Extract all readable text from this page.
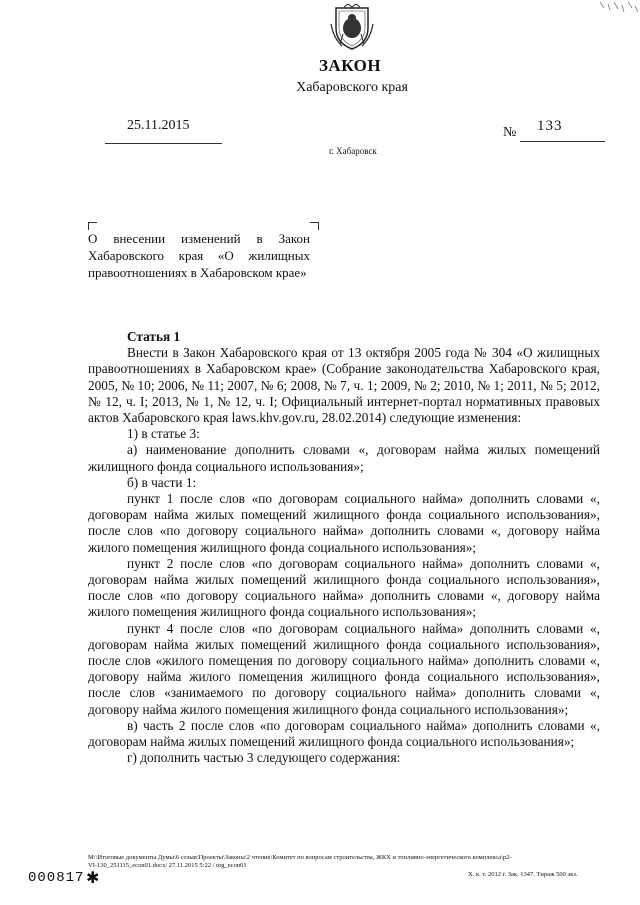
ЗАКОН
Хабаровского края
25.11.2015	№ 133
г. Хабаровск
О внесении изменений в Закон Хабаровского края «О жилищных правоотношениях в Хабаровском крае»

Статья 1

Внести в Закон Хабаровского края от 13 октября 2005 года № 304 «О жилищных правоотношениях в Хабаровском крае» (Собрание законодательства Хабаровского края, 2005, № 10; 2006, № 11; 2007, № 6; 2008, № 7, ч. 1; 2009, № 2; 2010, № 1; 2011, № 5; 2012, № 12, ч. I; 2013, № 1, № 12, ч. I; Официальный интернет-портал нормативных правовых актов Хабаровского края laws.khv.gov.ru, 28.02.2014) следующие изменения:

1) в статье 3:

а) наименование дополнить словами «, договорам найма жилых помещений жилищного фонда социального использования»;

б) в части 1:

пункт 1 после слов «по договорам социального найма» дополнить словами «, договорам найма жилых помещений жилищного фонда социального использования», после слов «по договору социального найма» дополнить словами «, договору найма жилого помещения жилищного фонда социального использования»;

пункт 2 после слов «по договорам социального найма» дополнить словами «, договорам найма жилых помещений жилищного фонда социального использования», после слов «по договору социального найма» дополнить словами «, договору найма жилого помещения жилищного фонда социального использования»;

пункт 4 после слов «по договорам социального найма» дополнить словами «, договорам найма жилых помещений жилищного фонда социального использования», после слов «жилого помещения по договору социального найма» дополнить словами «, договору найма жилого помещения жилищного фонда социального использования», после слов «занимаемого по договору социального найма» дополнить словами «, договору найма жилого помещения жилищного фонда социального использования»;

в) часть 2 после слов «по договорам социального найма» дополнить словами «, договорам найма жилых помещений жилищного фонда социального использования»;

г) дополнить частью 3 следующего содержания:

М:\Итоговые документы Думы\6 созыв\Проекты\Законы\2 чтение\Комитет по вопросам строительства, ЖКХ и топливно-энергетического комплекса\р2-
VI-130_251115_econ01.docx/ 27.11.2015 5:22 / org_econ01
000817 ✱	Х. к. т. 2012 г. Зак. 1347. Тираж 500 экз.
